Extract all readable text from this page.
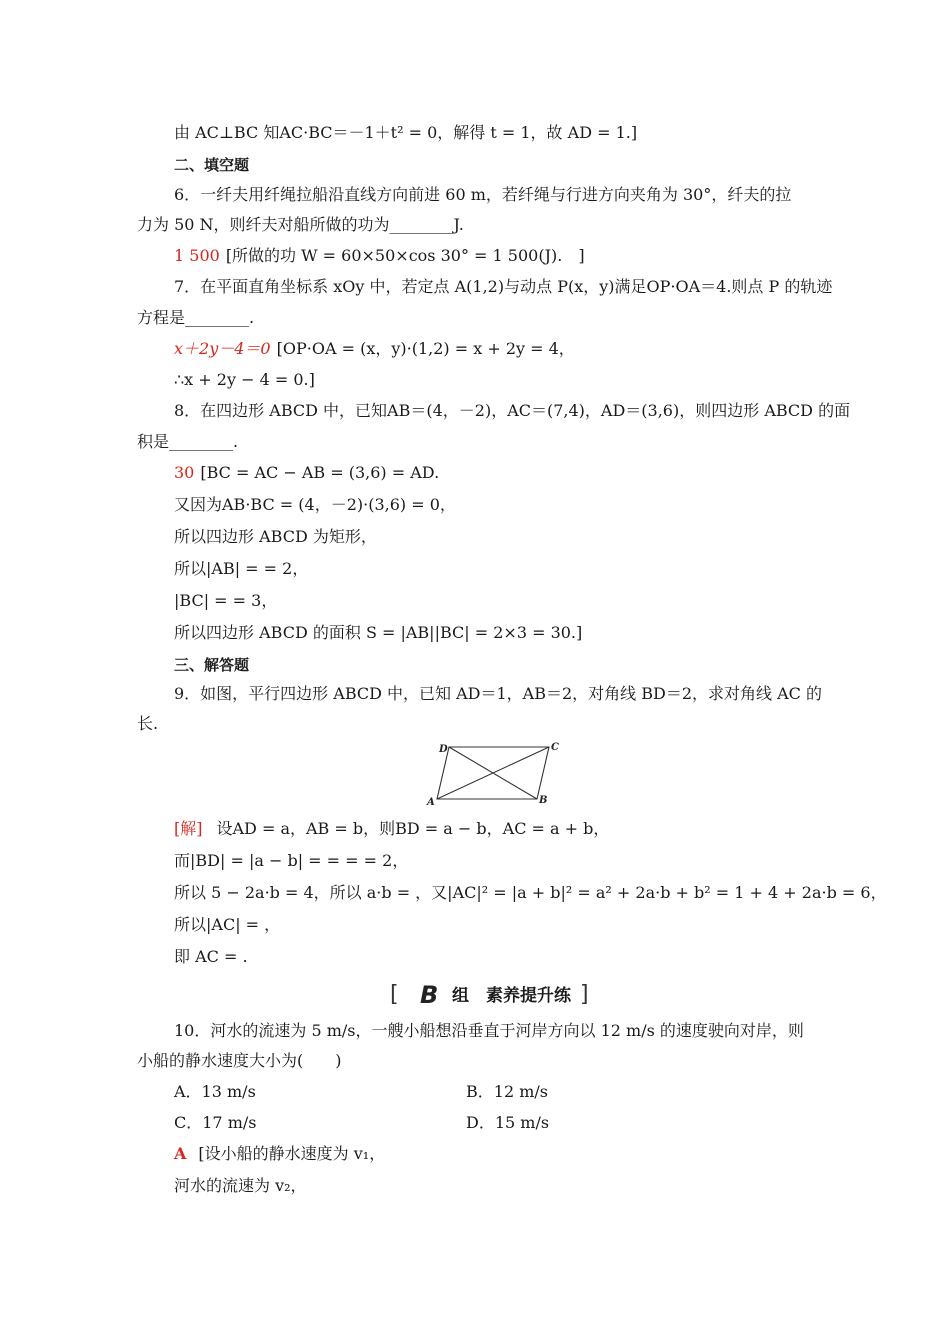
由 AC⊥BC 知AC·BC＝－1＋t² = 0，解得 t = 1，故 AD = 1.]
二、填空题
6．一纤夫用纤绳拉船沿直线方向前进 60 m，若纤绳与行进方向夹角为 30°，纤夫的拉
力为 50 N，则纤夫对船所做的功为________J.
1 500 [所做的功 W = 60×50×cos 30° = 1 500(J).　]
7．在平面直角坐标系 xOy 中，若定点 A(1,2)与动点 P(x，y)满足OP·OA＝4.则点 P 的轨迹
方程是________.
x＋2y－4＝0 [OP·OA = (x，y)·(1,2) = x + 2y = 4，
∴x + 2y − 4 = 0.]
8．在四边形 ABCD 中，已知AB＝(4，－2)，AC＝(7,4)，AD＝(3,6)，则四边形 ABCD 的面
积是________.
30 [BC = AC − AB = (3,6) = AD.
又因为AB·BC = (4，－2)·(3,6) = 0，
所以四边形 ABCD 为矩形，
所以|AB| = = 2，
|BC| = = 3，
所以四边形 ABCD 的面积 S = |AB||BC| = 2×3 = 30.]
三、解答题
9．如图，平行四边形 ABCD 中，已知 AD＝1，AB＝2，对角线 BD＝2，求对角线 AC 的
长.
A	B
C
D
[解] 设AD = a，AB = b，则BD = a − b，AC = a + b，
而|BD| = |a − b| = = = = 2，
所以 5 − 2a·b = 4，所以 a·b = ，又|AC|² = |a + b|² = a² + 2a·b + b² = 1 + 4 + 2a·b = 6，
所以|AC| = ，
即 AC = .
[ B 组　素养提升练 ]
10．河水的流速为 5 m/s，一艘小船想沿垂直于河岸方向以 12 m/s 的速度驶向对岸，则
小船的静水速度大小为(　　)
A．13 m/s	B．12 m/s
C．17 m/s	D．15 m/s
A [设小船的静水速度为 v₁，
河水的流速为 v₂，
